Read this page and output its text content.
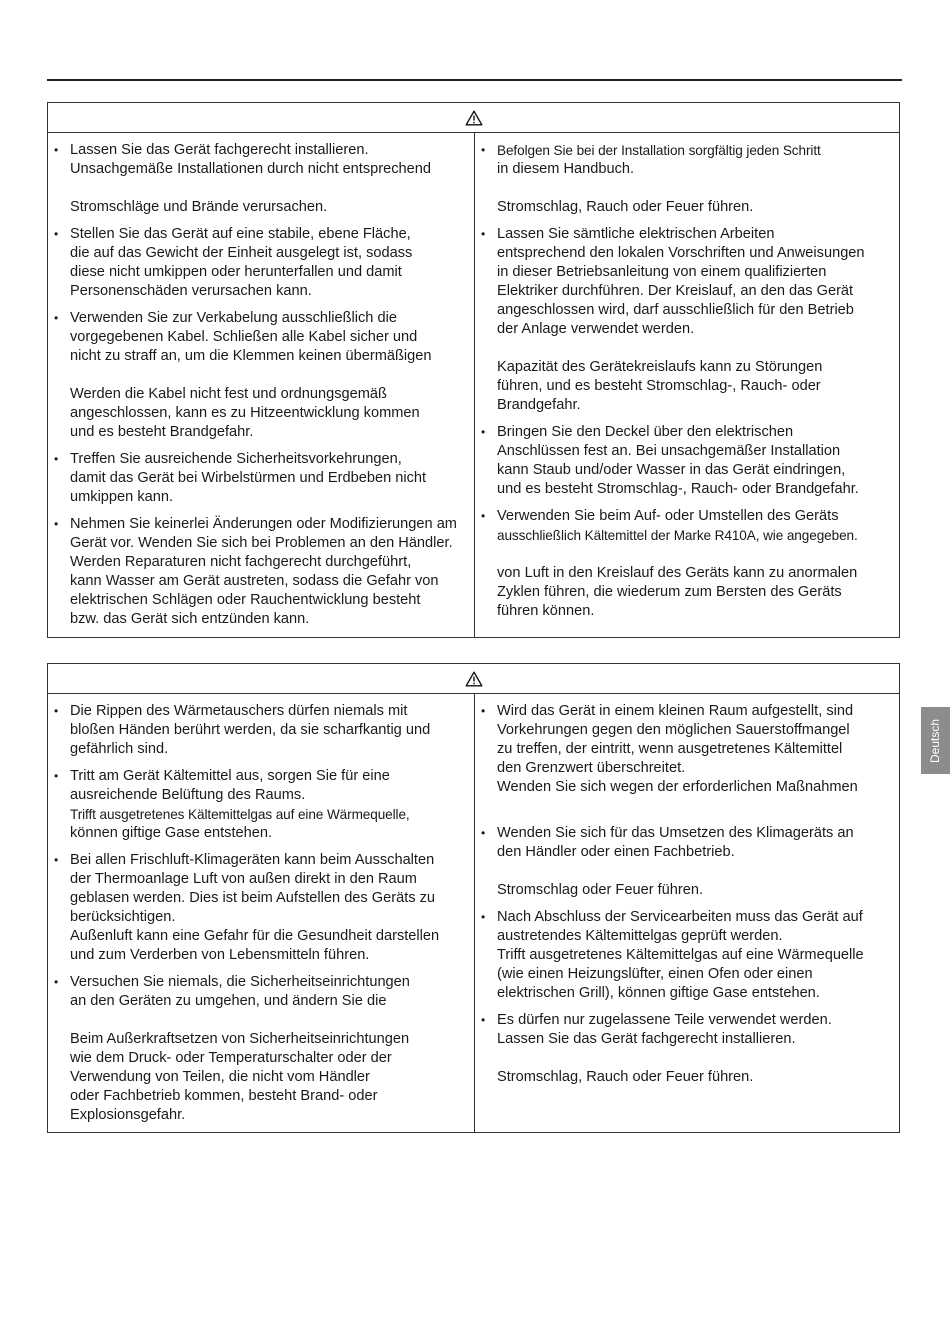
• Lassen Sie das Gerät fachgerecht installieren.
Unsachgemäße Installationen durch nicht entsprechend
Stromschläge und Brände verursachen.
• Stellen Sie das Gerät auf eine stabile, ebene Fläche,
die auf das Gewicht der Einheit ausgelegt ist, sodass
diese nicht umkippen oder herunterfallen und damit
Personenschäden verursachen kann.
• Verwenden Sie zur Verkabelung ausschließlich die
vorgegebenen Kabel. Schließen alle Kabel sicher und
nicht zu straff an, um die Klemmen keinen übermäßigen
Werden die Kabel nicht fest und ordnungsgemäß
angeschlossen, kann es zu Hitzeentwicklung kommen
und es besteht Brandgefahr.
• Treffen Sie ausreichende Sicherheitsvorkehrungen,
damit das Gerät bei Wirbelstürmen und Erdbeben nicht
umkippen kann.
• Nehmen Sie keinerlei Änderungen oder Modifizierungen am
Gerät vor. Wenden Sie sich bei Problemen an den Händler.
Werden Reparaturen nicht fachgerecht durchgeführt,
kann Wasser am Gerät austreten, sodass die Gefahr von
elektrischen Schlägen oder Rauchentwicklung besteht
bzw. das Gerät sich entzünden kann.
• Befolgen Sie bei der Installation sorgfältig jeden Schritt
in diesem Handbuch.
Stromschlag, Rauch oder Feuer führen.
• Lassen Sie sämtliche elektrischen Arbeiten
entsprechend den lokalen Vorschriften und Anweisungen
in dieser Betriebsanleitung von einem qualifizierten
Elektriker durchführen. Der Kreislauf, an den das Gerät
angeschlossen wird, darf ausschließlich für den Betrieb
der Anlage verwendet werden.
Kapazität des Gerätekreislaufs kann zu Störungen
führen, und es besteht Stromschlag-, Rauch- oder
Brandgefahr.
• Bringen Sie den Deckel über den elektrischen
Anschlüssen fest an. Bei unsachgemäßer Installation
kann Staub und/oder Wasser in das Gerät eindringen,
und es besteht Stromschlag-, Rauch- oder Brandgefahr.
• Verwenden Sie beim Auf- oder Umstellen des Geräts
ausschließlich Kältemittel der Marke R410A, wie angegeben.
von Luft in den Kreislauf des Geräts kann zu anormalen
Zyklen führen, die wiederum zum Bersten des Geräts
führen können.
• Die Rippen des Wärmetauschers dürfen niemals mit
bloßen Händen berührt werden, da sie scharfkantig und
gefährlich sind.
• Tritt am Gerät Kältemittel aus, sorgen Sie für eine
ausreichende Belüftung des Raums.
Trifft ausgetretenes Kältemittelgas auf eine Wärmequelle,
können giftige Gase entstehen.
• Bei allen Frischluft-Klimageräten kann beim Ausschalten
der Thermoanlage Luft von außen direkt in den Raum
geblasen werden. Dies ist beim Aufstellen des Geräts zu
berücksichtigen.
Außenluft kann eine Gefahr für die Gesundheit darstellen
und zum Verderben von Lebensmitteln führen.
• Versuchen Sie niemals, die Sicherheitseinrichtungen
an den Geräten zu umgehen, und ändern Sie die
Beim Außerkraftsetzen von Sicherheitseinrichtungen
wie dem Druck- oder Temperaturschalter oder der
Verwendung von Teilen, die nicht vom Händler
oder Fachbetrieb kommen, besteht Brand- oder
Explosionsgefahr.
• Wird das Gerät in einem kleinen Raum aufgestellt, sind
Vorkehrungen gegen den möglichen Sauerstoffmangel
zu treffen, der eintritt, wenn ausgetretenes Kältemittel
den Grenzwert überschreitet.
Wenden Sie sich wegen der erforderlichen Maßnahmen
• Wenden Sie sich für das Umsetzen des Klimageräts an
den Händler oder einen Fachbetrieb.
Stromschlag oder Feuer führen.
• Nach Abschluss der Servicearbeiten muss das Gerät auf
austretendes Kältemittelgas geprüft werden.
Trifft ausgetretenes Kältemittelgas auf eine Wärmequelle
(wie einen Heizungslüfter, einen Ofen oder einen
elektrischen Grill), können giftige Gase entstehen.
• Es dürfen nur zugelassene Teile verwendet werden.
Lassen Sie das Gerät fachgerecht installieren.
Stromschlag, Rauch oder Feuer führen.
Deutsch
